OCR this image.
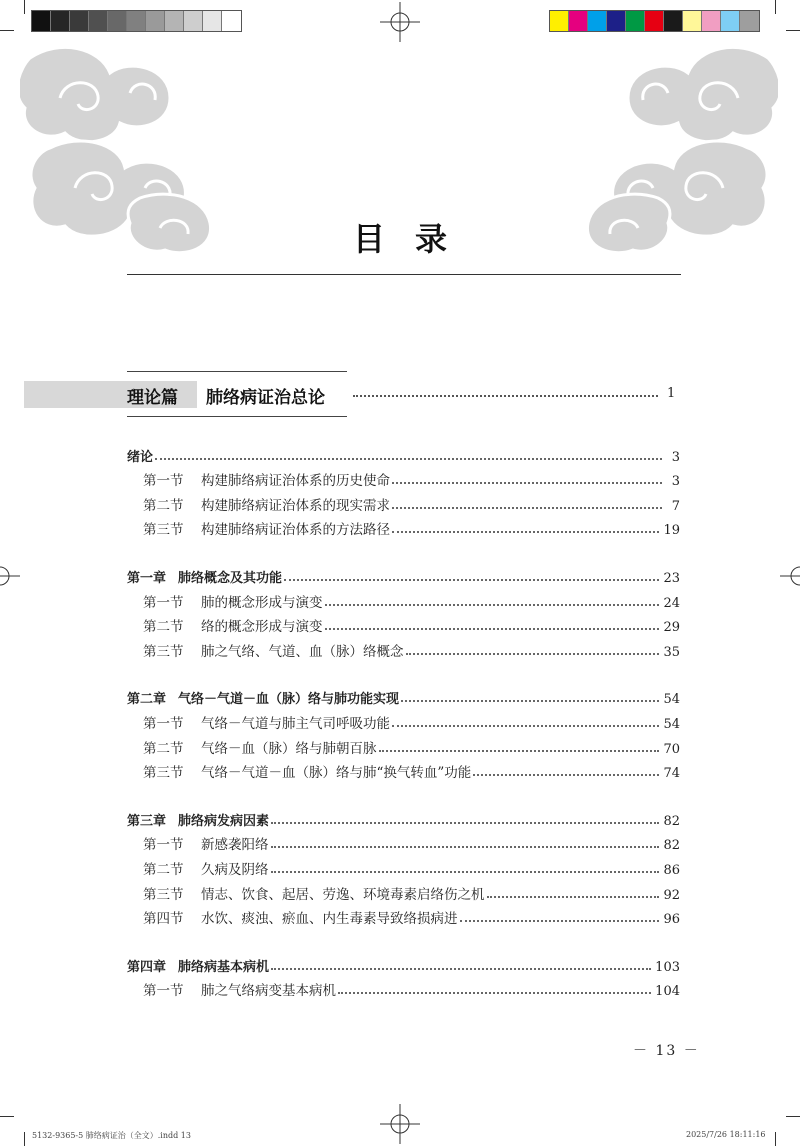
目录
理论篇 肺络病证治总论	1
绪论	3
第一节	构建肺络病证治体系的历史使命	3
第二节	构建肺络病证治体系的现实需求	7
第三节	构建肺络病证治体系的方法路径	19
第一章 肺络概念及其功能	23
第一节	肺的概念形成与演变	24
第二节	络的概念形成与演变	29
第三节	肺之气络、气道、血（脉）络概念	35
第二章 气络－气道－血（脉）络与肺功能实现	54
第一节	气络－气道与肺主气司呼吸功能	54
第二节	气络－血（脉）络与肺朝百脉	70
第三节	气络－气道－血（脉）络与肺“换气转血”功能	74
第三章 肺络病发病因素	82
第一节	新感袭阳络	82
第二节	久病及阴络	86
第三节	情志、饮食、起居、劳逸、环境毒素启络伤之机	92
第四节	水饮、痰浊、瘀血、内生毒素导致络损病进	96
第四章 肺络病基本病机	103
第一节	肺之气络病变基本病机	104
－ 13 －
5132-9365-5 肺络病证治（全文）.indd 13	2025/7/26 18:11:16
